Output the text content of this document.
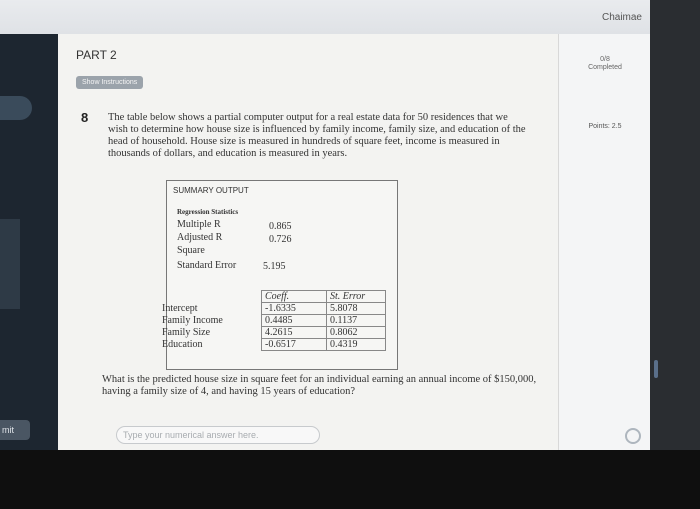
Chaimae
mit
PART 2
Show Instructions
8 The table below shows a partial computer output for a real estate data for 50 residences that we wish to determine how house size is influenced by family income, family size, and education of the head of household. House size is measured in hundreds of square feet, income is measured in thousands of dollars, and education is measured in years.
SUMMARY OUTPUT
Regression Statistics
Multiple R	0.865
Adjusted R	0.726
Square
Standard Error	5.195
	Coeff.	St. Error
Intercept	-1.6335	5.8078
Family Income	0.4485	0.1137
Family Size	4.2615	0.8062
Education	-0.6517	0.4319
What is the predicted house size in square feet for an individual earning an annual income of $150,000, having a family size of 4, and having 15 years of education?
Type your numerical answer here.
0/8
Completed
Points: 2.5
